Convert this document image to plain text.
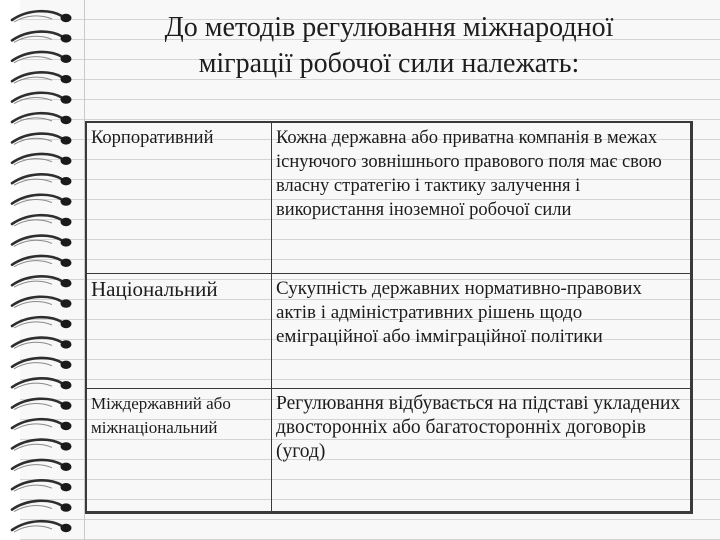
До методів регулювання міжнародної
міграції робочої сили належать:
Корпоративний	Кожна державна або приватна компанія в межах існуючого зовнішнього правового поля має свою власну стратегію і тактику залучення і використання іноземної робочої сили
Національний	Сукупність державних нормативно-правових актів і адміністративних рішень щодо еміграційної або імміграційної політики
Міждержавний або міжнаціональний	Регулювання відбувається на підставі укладених двосторонніх або багатосторонніх договорів (угод)
